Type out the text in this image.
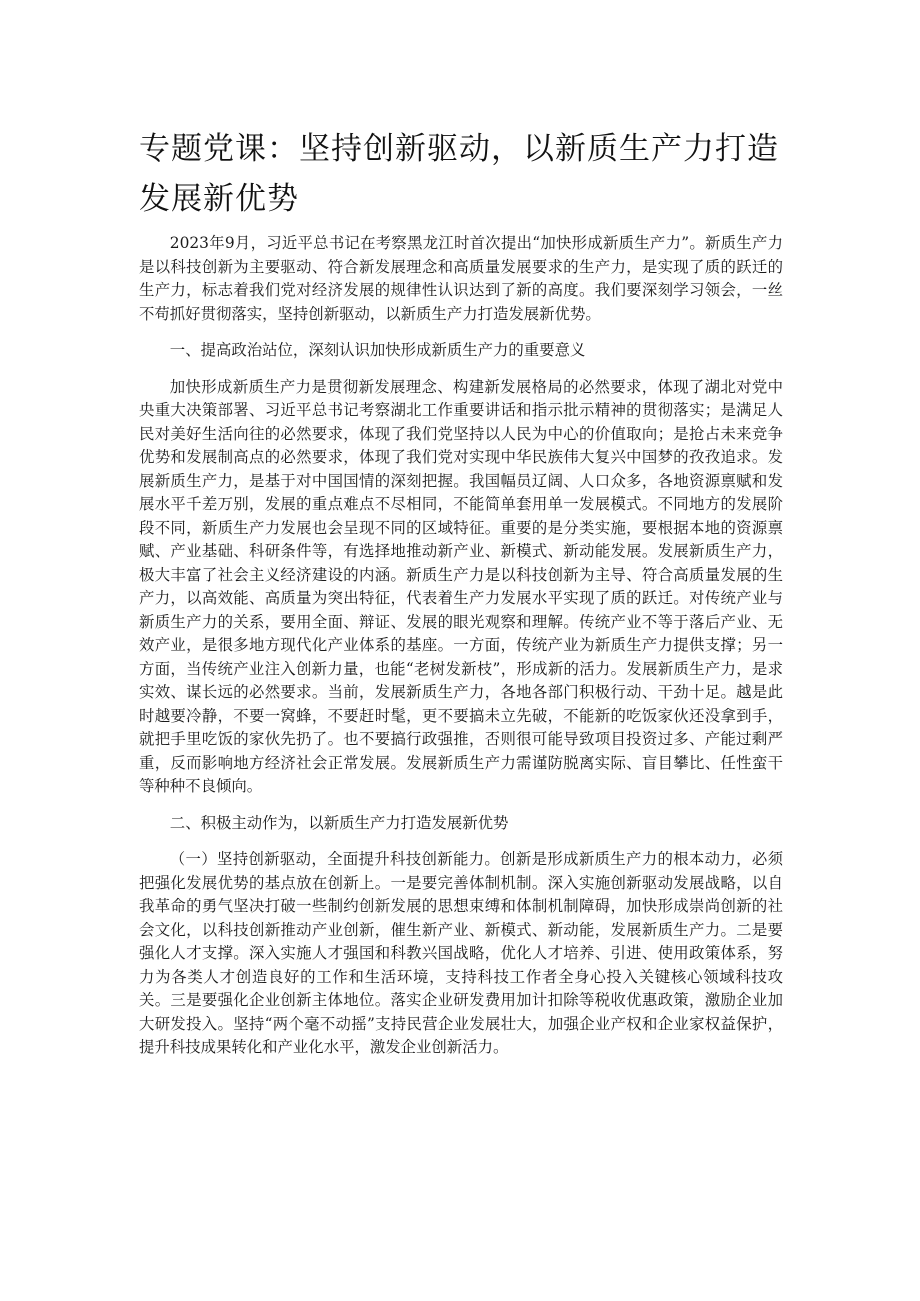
专题党课：坚持创新驱动，以新质生产力打造发展新优势

2023年9月，习近平总书记在考察黑龙江时首次提出“加快形成新质生产力”。新质生产力是以科技创新为主要驱动、符合新发展理念和高质量发展要求的生产力，是实现了质的跃迁的生产力，标志着我们党对经济发展的规律性认识达到了新的高度。我们要深刻学习领会，一丝不苟抓好贯彻落实，坚持创新驱动，以新质生产力打造发展新优势。

一、提高政治站位，深刻认识加快形成新质生产力的重要意义

加快形成新质生产力是贯彻新发展理念、构建新发展格局的必然要求，体现了湖北对党中央重大决策部署、习近平总书记考察湖北工作重要讲话和指示批示精神的贯彻落实；是满足人民对美好生活向往的必然要求，体现了我们党坚持以人民为中心的价值取向；是抢占未来竞争优势和发展制高点的必然要求，体现了我们党对实现中华民族伟大复兴中国梦的孜孜追求。发展新质生产力，是基于对中国国情的深刻把握。我国幅员辽阔、人口众多，各地资源禀赋和发展水平千差万别，发展的重点难点不尽相同，不能简单套用单一发展模式。不同地方的发展阶段不同，新质生产力发展也会呈现不同的区域特征。重要的是分类实施，要根据本地的资源禀赋、产业基础、科研条件等，有选择地推动新产业、新模式、新动能发展。发展新质生产力，极大丰富了社会主义经济建设的内涵。新质生产力是以科技创新为主导、符合高质量发展的生产力，以高效能、高质量为突出特征，代表着生产力发展水平实现了质的跃迁。对传统产业与新质生产力的关系，要用全面、辩证、发展的眼光观察和理解。传统产业不等于落后产业、无效产业，是很多地方现代化产业体系的基座。一方面，传统产业为新质生产力提供支撑；另一方面，当传统产业注入创新力量，也能“老树发新枝”，形成新的活力。发展新质生产力，是求实效、谋长远的必然要求。当前，发展新质生产力，各地各部门积极行动、干劲十足。越是此时越要冷静，不要一窝蜂，不要赶时髦，更不要搞未立先破，不能新的吃饭家伙还没拿到手，就把手里吃饭的家伙先扔了。也不要搞行政强推，否则很可能导致项目投资过多、产能过剩严重，反而影响地方经济社会正常发展。发展新质生产力需谨防脱离实际、盲目攀比、任性蛮干等种种不良倾向。

二、积极主动作为，以新质生产力打造发展新优势

（一）坚持创新驱动，全面提升科技创新能力。创新是形成新质生产力的根本动力，必须把强化发展优势的基点放在创新上。一是要完善体制机制。深入实施创新驱动发展战略，以自我革命的勇气坚决打破一些制约创新发展的思想束缚和体制机制障碍，加快形成崇尚创新的社会文化，以科技创新推动产业创新，催生新产业、新模式、新动能，发展新质生产力。二是要强化人才支撑。深入实施人才强国和科教兴国战略，优化人才培养、引进、使用政策体系，努力为各类人才创造良好的工作和生活环境，支持科技工作者全身心投入关键核心领域科技攻关。三是要强化企业创新主体地位。落实企业研发费用加计扣除等税收优惠政策，激励企业加大研发投入。坚持“两个毫不动摇”支持民营企业发展壮大，加强企业产权和企业家权益保护，提升科技成果转化和产业化水平，激发企业创新活力。
